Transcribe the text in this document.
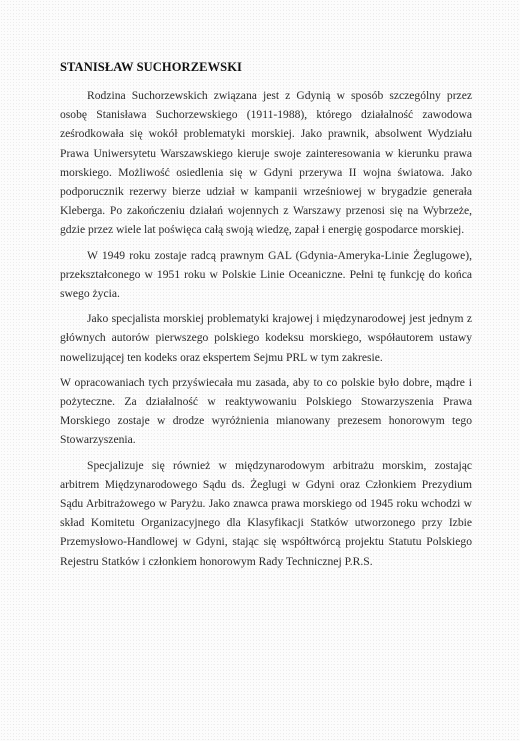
STANISŁAW SUCHORZEWSKI

Rodzina Suchorzewskich związana jest z Gdynią w sposób szczególny przez osobę Stanisława Suchorzewskiego (1911-1988), którego działalność zawodowa ześrodkowała się wokół problematyki morskiej. Jako prawnik, absolwent Wydziału Prawa Uniwersytetu Warszawskiego kieruje swoje zainteresowania w kierunku prawa morskiego. Możliwość osiedlenia się w Gdyni przerywa II wojna światowa. Jako podporucznik rezerwy bierze udział w kampanii wrześniowej w brygadzie generała Kleberga. Po zakończeniu działań wojennych z Warszawy przenosi się na Wybrzeże, gdzie przez wiele lat poświęca całą swoją wiedzę, zapał i energię gospodarce morskiej.

W 1949 roku zostaje radcą prawnym GAL (Gdynia-Ameryka-Linie Żeglugowe), przekształconego w 1951 roku w Polskie Linie Oceaniczne. Pełni tę funkcję do końca swego życia.

Jako specjalista morskiej problematyki krajowej i międzynarodowej jest jednym z głównych autorów pierwszego polskiego kodeksu morskiego, współautorem ustawy nowelizującej ten kodeks oraz ekspertem Sejmu PRL w tym zakresie.

W opracowaniach tych przyświecała mu zasada, aby to co polskie było dobre, mądre i pożyteczne. Za działalność w reaktywowaniu Polskiego Stowarzyszenia Prawa Morskiego zostaje w drodze wyróżnienia mianowany prezesem honorowym tego Stowarzyszenia.

Specjalizuje się również w międzynarodowym arbitrażu morskim, zostając arbitrem Międzynarodowego Sądu ds. Żeglugi w Gdyni oraz Członkiem Prezydium Sądu Arbitrażowego w Paryżu. Jako znawca prawa morskiego od 1945 roku wchodzi w skład Komitetu Organizacyjnego dla Klasyfikacji Statków utworzonego przy Izbie Przemysłowo-Handlowej w Gdyni, stając się współtwórcą projektu Statutu Polskiego Rejestru Statków i członkiem honorowym Rady Technicznej P.R.S.
